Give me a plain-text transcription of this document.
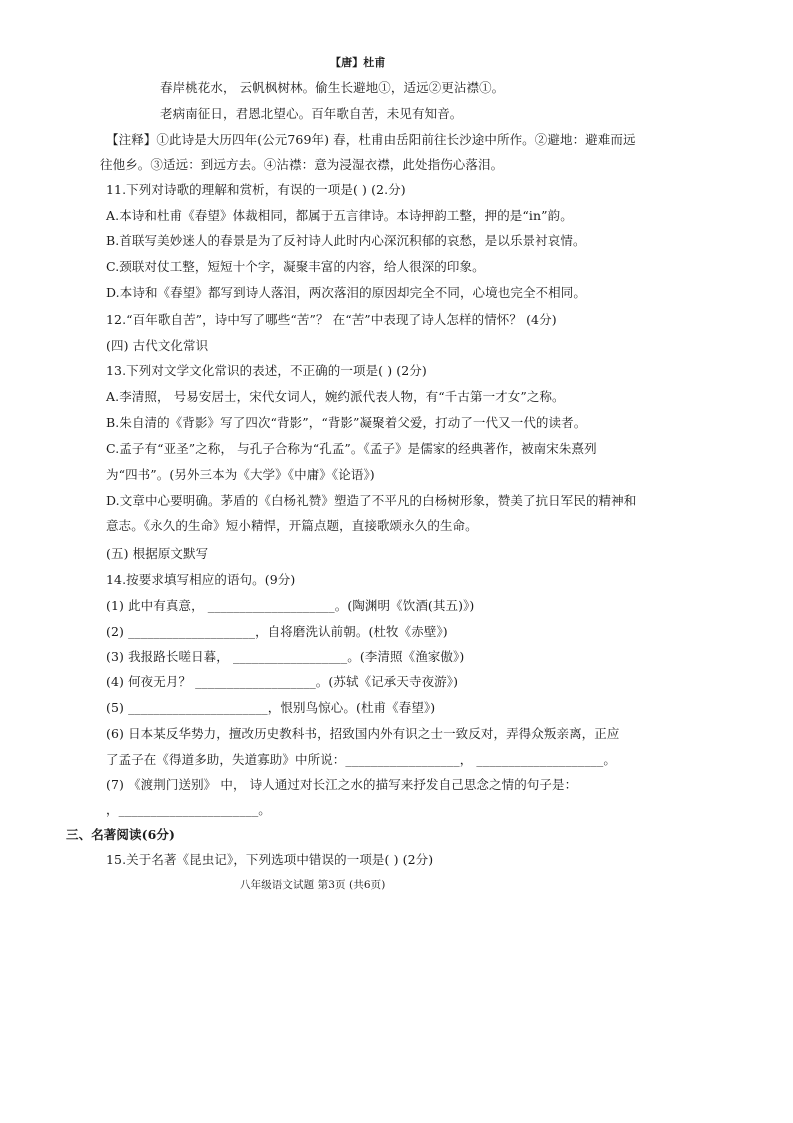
【唐】杜甫
春岸桃花水， 云帆枫树林。偷生长避地①，适远②更沾襟①。
老病南征日，君恩北望心。百年歌自苦，未见有知音。
【注释】①此诗是大历四年(公元769年) 春，杜甫由岳阳前往长沙途中所作。②避地：避难而远
往他乡。③适远：到远方去。④沾襟：意为浸湿衣襟，此处指伤心落泪。
11.下列对诗歌的理解和赏析，有误的一项是( ) (2.分)
A.本诗和杜甫《春望》体裁相同，都属于五言律诗。本诗押韵工整，押的是“in”韵。
B.首联写美妙迷人的春景是为了反衬诗人此时内心深沉积郁的哀愁，是以乐景衬哀情。
C.颈联对仗工整，短短十个字，凝聚丰富的内容，给人很深的印象。
D.本诗和《春望》都写到诗人落泪，两次落泪的原因却完全不同，心境也完全不相同。
12.“百年歌自苦”，诗中写了哪些“苦”？ 在“苦”中表现了诗人怎样的情怀？ (4分)
(四) 古代文化常识
13.下列对文学文化常识的表述，不正确的一项是( ) (2分)
A.李清照， 号易安居士，宋代女词人，婉约派代表人物，有“千古第一才女”之称。
B.朱自清的《背影》写了四次“背影”，“背影”凝聚着父爱，打动了一代又一代的读者。
C.孟子有“亚圣”之称， 与孔子合称为“孔孟”。《孟子》是儒家的经典著作，被南宋朱熹列
为“四书”。(另外三本为《大学》《中庸》《论语》)
D.文章中心要明确。茅盾的《白杨礼赞》塑造了不平凡的白杨树形象，赞美了抗日军民的精神和
意志。《永久的生命》短小精悍，开篇点题，直接歌颂永久的生命。
(五) 根据原文默写
14.按要求填写相应的语句。(9分)
(1) 此中有真意， ____________________。(陶渊明《饮酒(其五)》)
(2) ____________________，自将磨洗认前朝。(杜牧《赤壁》)
(3) 我报路长嗟日暮， __________________。(李清照《渔家傲》)
(4) 何夜无月？ ___________________。(苏轼《记承天寺夜游》)
(5) ______________________，恨别鸟惊心。(杜甫《春望》)
(6) 日本某反华势力，擅改历史教科书，招致国内外有识之士一致反对，弄得众叛亲离，正应
了孟子在《得道多助，失道寡助》中所说：__________________， ____________________。
(7) 《渡荆门送别》 中， 诗人通过对长江之水的描写来抒发自己思念之情的句子是：
，______________________。
三、名著阅读(6分)
15.关于名著《昆虫记》，下列选项中错误的一项是( ) (2分)
八年级语文试题 第3页 (共6页)
